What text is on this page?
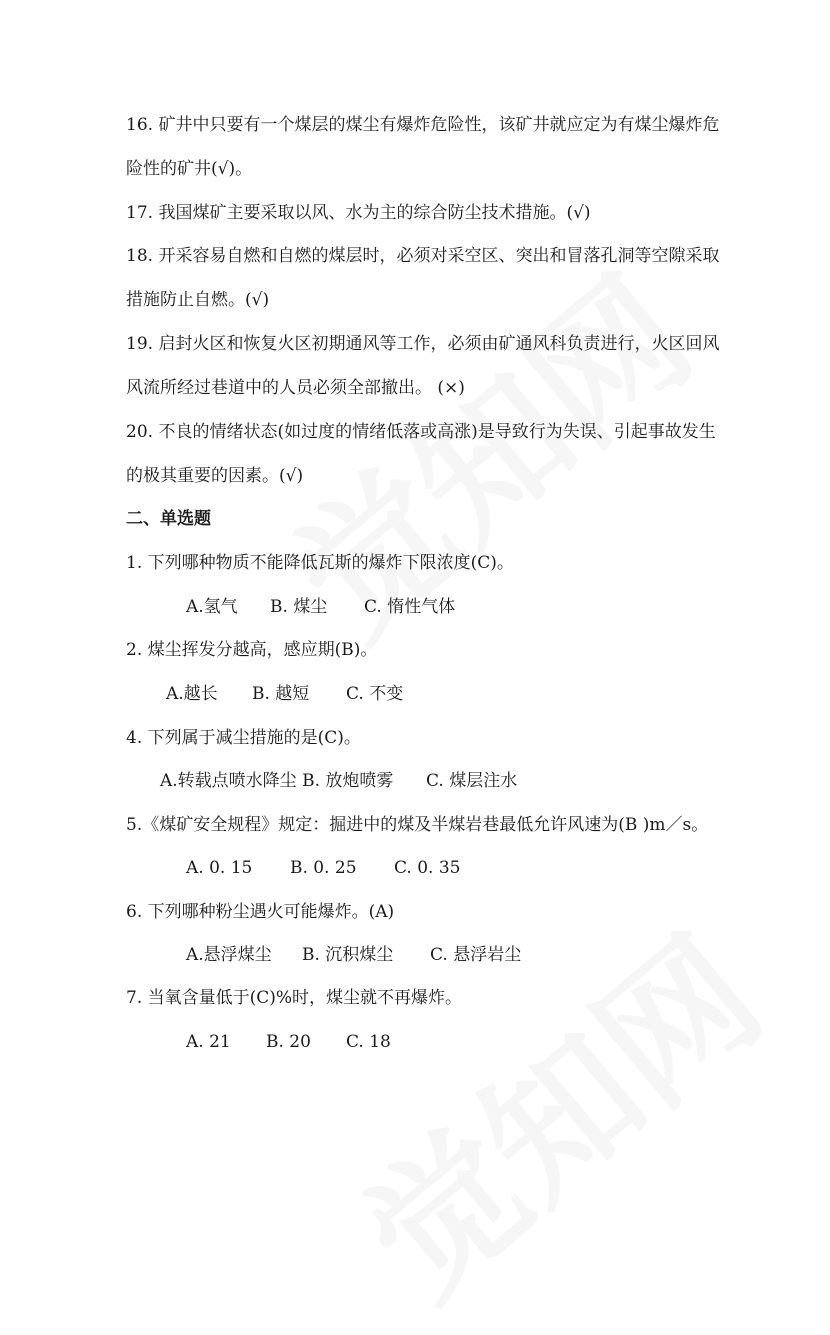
16. 矿井中只要有一个煤层的煤尘有爆炸危险性，该矿井就应定为有煤尘爆炸危
险性的矿井(√)。
17. 我国煤矿主要采取以风、水为主的综合防尘技术措施。(√)
18. 开采容易自燃和自燃的煤层时，必须对采空区、突出和冒落孔洞等空隙采取
措施防止自燃。(√)
19. 启封火区和恢复火区初期通风等工作，必须由矿通风科负责进行，火区回风
风流所经过巷道中的人员必须全部撤出。 (×)
20. 不良的情绪状态(如过度的情绪低落或高涨)是导致行为失误、引起事故发生
的极其重要的因素。(√)
二、单选题
1. 下列哪种物质不能降低瓦斯的爆炸下限浓度(C)。
A.氢气 B. 煤尘 C. 惰性气体
2. 煤尘挥发分越高，感应期(B)。
A.越长 B. 越短 C. 不变
4. 下列属于减尘措施的是(C)。
A.转载点喷水降尘 B. 放炮喷雾 C. 煤层注水
5.《煤矿安全规程》规定：掘进中的煤及半煤岩巷最低允许风速为(B )m／s。
A. 0. 15 B. 0. 25 C. 0. 35
6. 下列哪种粉尘遇火可能爆炸。(A)
A.悬浮煤尘 B. 沉积煤尘 C. 悬浮岩尘
7. 当氧含量低于(C)%时，煤尘就不再爆炸。
A. 21 B. 20 C. 18
